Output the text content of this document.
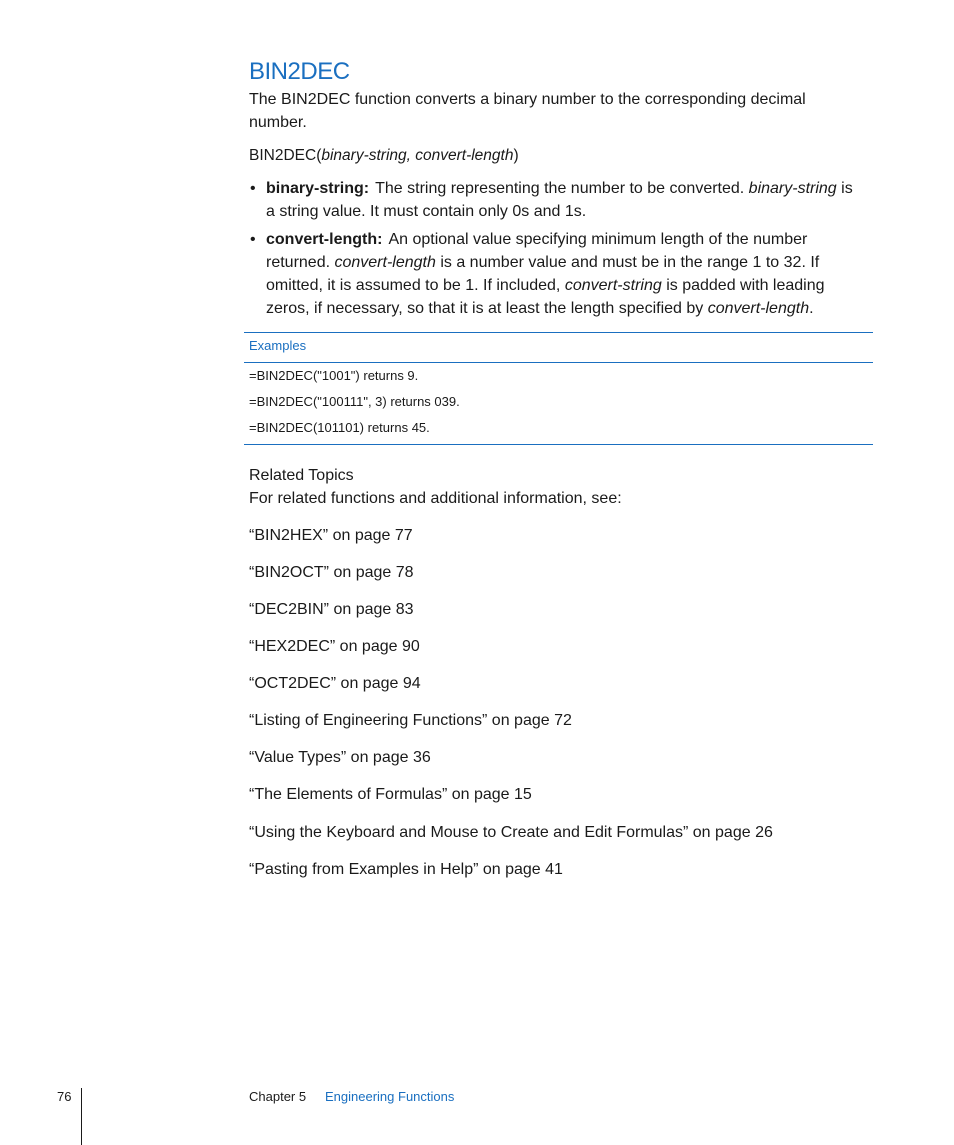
BIN2DEC

The BIN2DEC function converts a binary number to the corresponding decimal number.

BIN2DEC(binary-string, convert-length)
• binary-string: The string representing the number to be converted. binary-string is a string value. It must contain only 0s and 1s.
• convert-length: An optional value specifying minimum length of the number returned. convert-length is a number value and must be in the range 1 to 32. If omitted, it is assumed to be 1. If included, convert-string is padded with leading zeros, if necessary, so that it is at least the length specified by convert-length.
Examples
=BIN2DEC("1001") returns 9.
=BIN2DEC("100111", 3) returns 039.
=BIN2DEC(101101) returns 45.
Related Topics
For related functions and additional information, see:
“BIN2HEX” on page 77
“BIN2OCT” on page 78
“DEC2BIN” on page 83
“HEX2DEC” on page 90
“OCT2DEC” on page 94
“Listing of Engineering Functions” on page 72
“Value Types” on page 36
“The Elements of Formulas” on page 15
“Using the Keyboard and Mouse to Create and Edit Formulas” on page 26
“Pasting from Examples in Help” on page 41
76	Chapter 5 Engineering Functions
